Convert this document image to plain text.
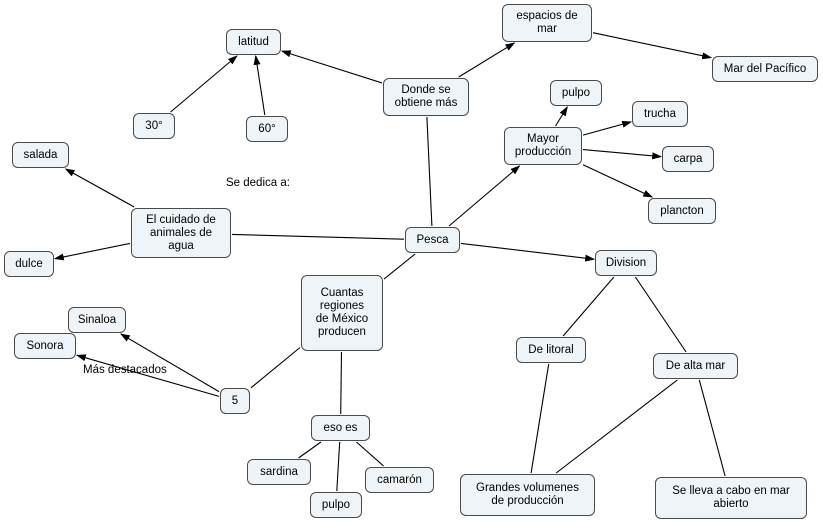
espacios de
mar
latitud
Mar del Pacífico
Donde se
obtiene más
pulpo
trucha
30°	60°
Mayor
producción
carpa
salada
plancton
El cuidado de
animales de
agua	Pesca
Division
dulce
Cuantas
regiones
de México
producen
Sinaloa
De litoral
Sonora
De alta mar
5
eso es
sardina
camarón
Grandes volumenes
de producción
Se lleva a cabo en mar
abierto
pulpo
Se dedica a:
Más destacados
